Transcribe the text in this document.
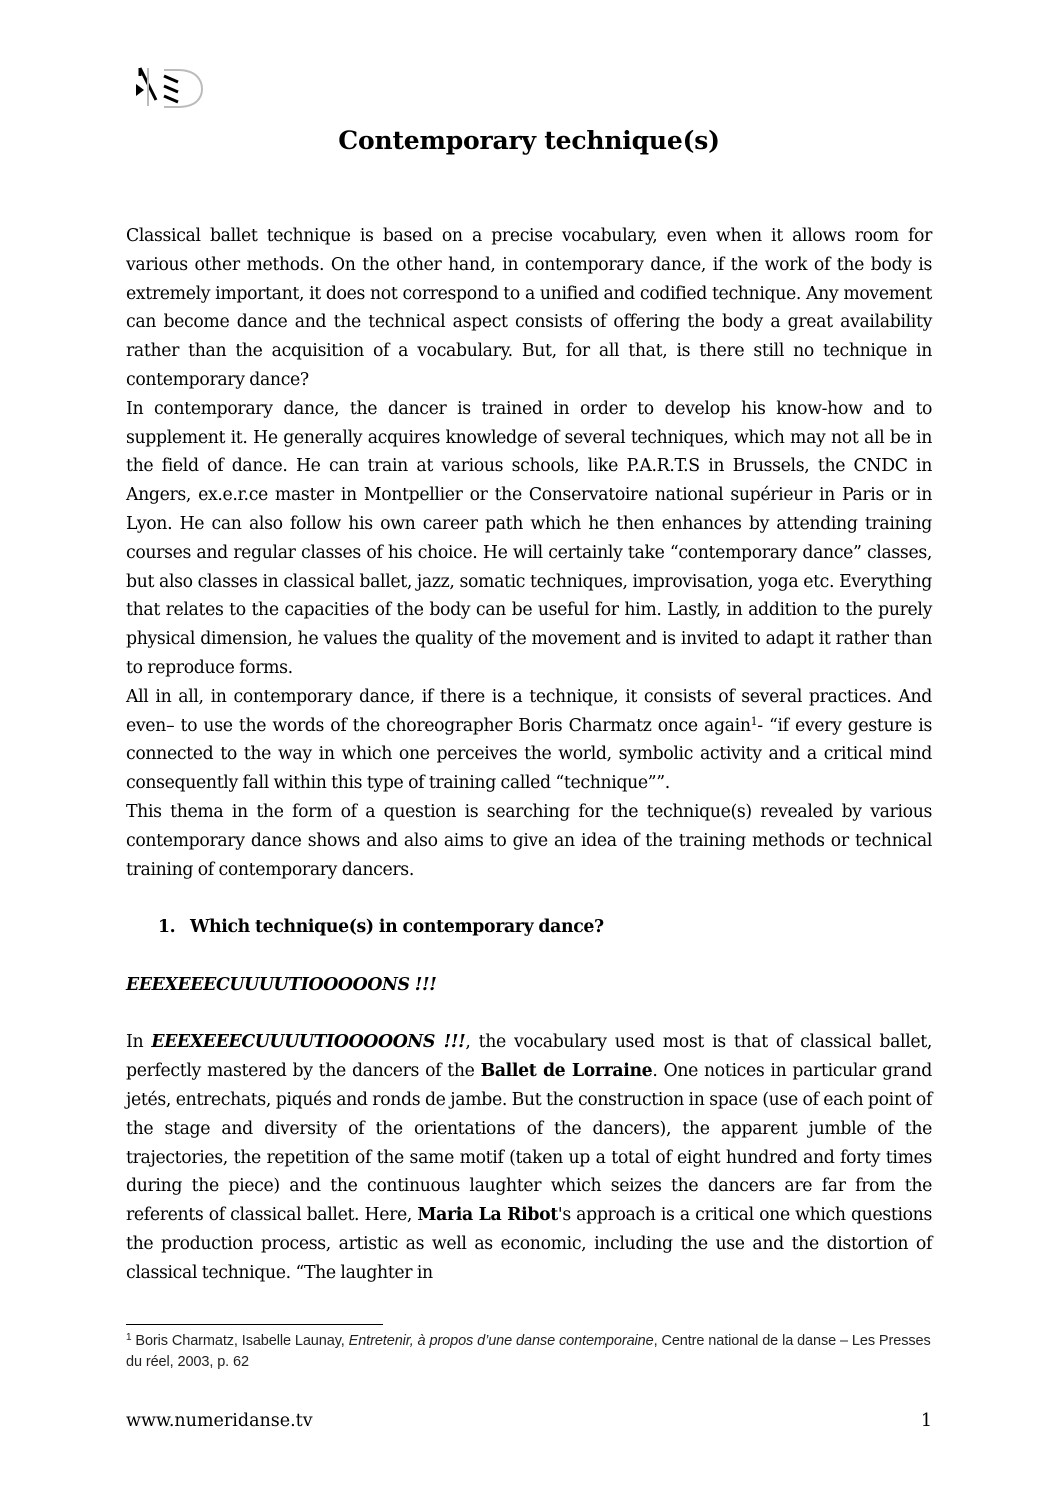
Contemporary technique(s)

Classical ballet technique is based on a precise vocabulary, even when it allows room for various other methods. On the other hand, in contemporary dance, if the work of the body is extremely important, it does not correspond to a unified and codified technique. Any movement can become dance and the technical aspect consists of offering the body a great availability rather than the acquisition of a vocabulary. But, for all that, is there still no technique in contemporary dance?

In contemporary dance, the dancer is trained in order to develop his know-how and to supplement it. He generally acquires knowledge of several techniques, which may not all be in the field of dance. He can train at various schools, like P.A.R.T.S in Brussels, the CNDC in Angers, ex.e.r.ce master in Montpellier or the Conservatoire national supérieur in Paris or in Lyon. He can also follow his own career path which he then enhances by attending training courses and regular classes of his choice. He will certainly take “contemporary dance” classes, but also classes in classical ballet, jazz, somatic techniques, improvisation, yoga etc. Everything that relates to the capacities of the body can be useful for him. Lastly, in addition to the purely physical dimension, he values the quality of the movement and is invited to adapt it rather than to reproduce forms.

All in all, in contemporary dance, if there is a technique, it consists of several practices. And even– to use the words of the choreographer Boris Charmatz once again$^1$- “if every gesture is connected to the way in which one perceives the world, symbolic activity and a critical mind consequently fall within this type of training called “technique””.

This thema in the form of a question is searching for the technique(s) revealed by various contemporary dance shows and also aims to give an idea of the training methods or technical training of contemporary dancers.

1. Which technique(s) in contemporary dance?

EEEXEEECUUUUTIOOOOONS !!!

In EEEXEEECUUUUTIOOOOONS !!!, the vocabulary used most is that of classical ballet, perfectly mastered by the dancers of the Ballet de Lorraine. One notices in particular grand jetés, entrechats, piqués and ronds de jambe. But the construction in space (use of each point of the stage and diversity of the orientations of the dancers), the apparent jumble of the trajectories, the repetition of the same motif (taken up a total of eight hundred and forty times during the piece) and the continuous laughter which seizes the dancers are far from the referents of classical ballet. Here, Maria La Ribot's approach is a critical one which questions the production process, artistic as well as economic, including the use and the distortion of classical technique. “The laughter in

$^1$ Boris Charmatz, Isabelle Launay, Entretenir, à propos d’une danse contemporaine, Centre national de la danse – Les Presses du réel, 2003, p. 62
www.numeridanse.tv	1
